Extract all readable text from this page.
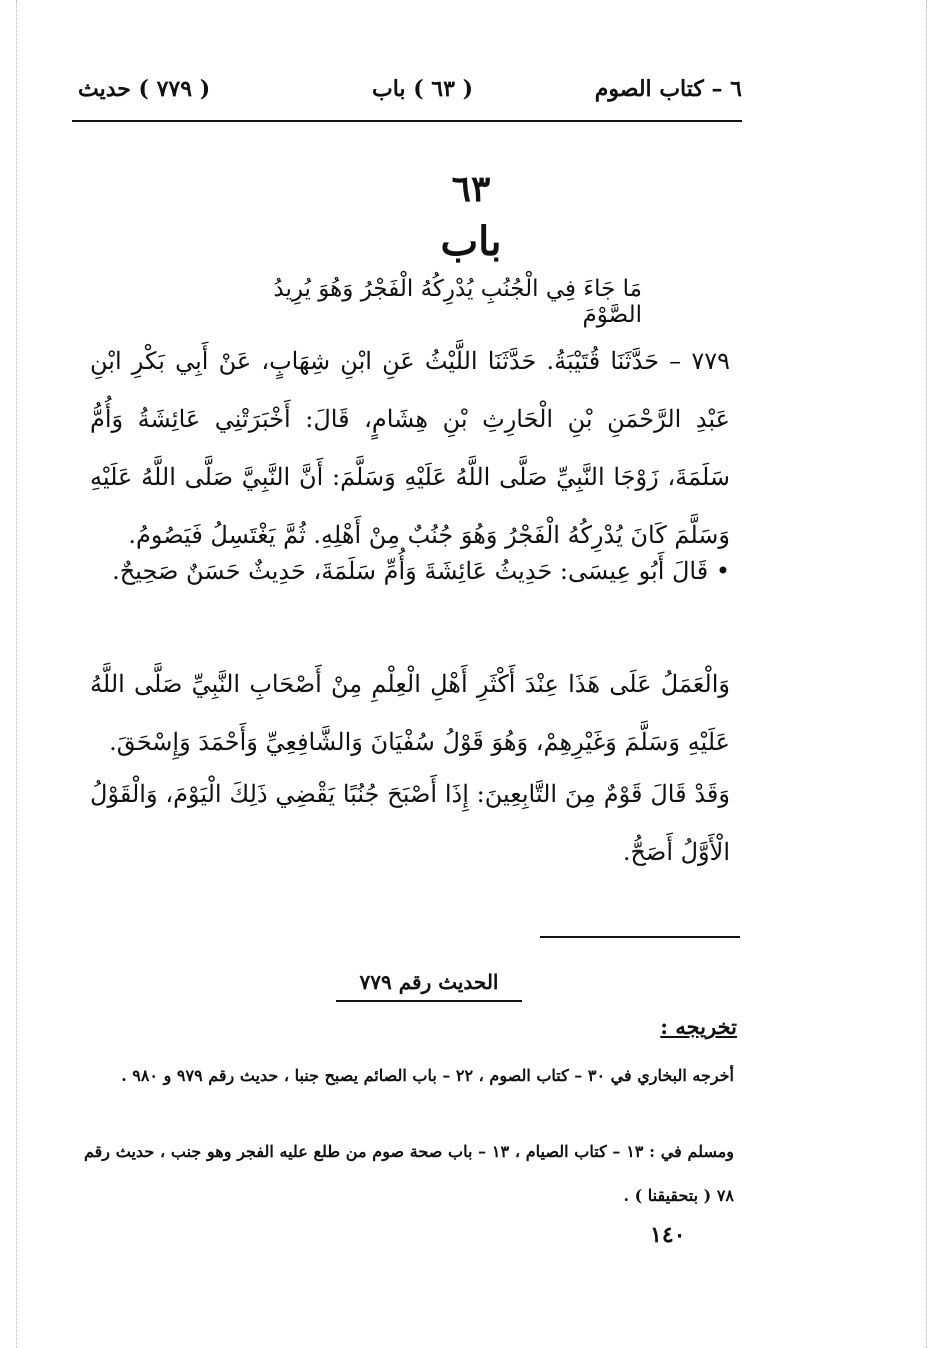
٦ – كتاب الصوم
( ٦٣ ) باب
( ٧٧٩ ) حديث
٦٣
باب
مَا جَاءَ فِي الْجُنُبِ يُدْرِكُهُ الْفَجْرُ وَهُوَ يُرِيدُ الصَّوْمَ
٧٧٩ – حَدَّثَنَا قُتَيْبَةُ. حَدَّثَنَا اللَّيْثُ عَنِ ابْنِ شِهَابٍ، عَنْ أَبِي بَكْرِ ابْنِ عَبْدِ الرَّحْمَنِ بْنِ الْحَارِثِ بْنِ هِشَامٍ، قَالَ: أَخْبَرَتْنِي عَائِشَةُ وَأُمُّ سَلَمَةَ، زَوْجَا النَّبِيِّ صَلَّى اللَّهُ عَلَيْهِ وَسَلَّمَ: أَنَّ النَّبِيَّ صَلَّى اللَّهُ عَلَيْهِ وَسَلَّمَ كَانَ يُدْرِكُهُ الْفَجْرُ وَهُوَ جُنُبٌ مِنْ أَهْلِهِ. ثُمَّ يَغْتَسِلُ فَيَصُومُ.
• قَالَ أَبُو عِيسَى: حَدِيثُ عَائِشَةَ وَأُمِّ سَلَمَةَ، حَدِيثٌ حَسَنٌ صَحِيحٌ.
وَالْعَمَلُ عَلَى هَذَا عِنْدَ أَكْثَرِ أَهْلِ الْعِلْمِ مِنْ أَصْحَابِ النَّبِيِّ صَلَّى اللَّهُ عَلَيْهِ وَسَلَّمَ وَغَيْرِهِمْ، وَهُوَ قَوْلُ سُفْيَانَ وَالشَّافِعِيِّ وَأَحْمَدَ وَإِسْحَقَ.
وَقَدْ قَالَ قَوْمٌ مِنَ التَّابِعِينَ: إِذَا أَصْبَحَ جُنُبًا يَقْضِي ذَلِكَ الْيَوْمَ، وَالْقَوْلُ الْأَوَّلُ أَصَحُّ.
الحديث رقم ٧٧٩
تخريجه :
أخرجه البخاري في ٣٠ – كتاب الصوم ، ٢٢ – باب الصائم يصبح جنبا ، حديث رقم ٩٧٩ و ٩٨٠ .
ومسلم في : ١٣ – كتاب الصيام ، ١٣ – باب صحة صوم من طلع عليه الفجر وهو جنب ، حديث رقم ٧٨ ( بتحقيقنا ) .
١٤٠
